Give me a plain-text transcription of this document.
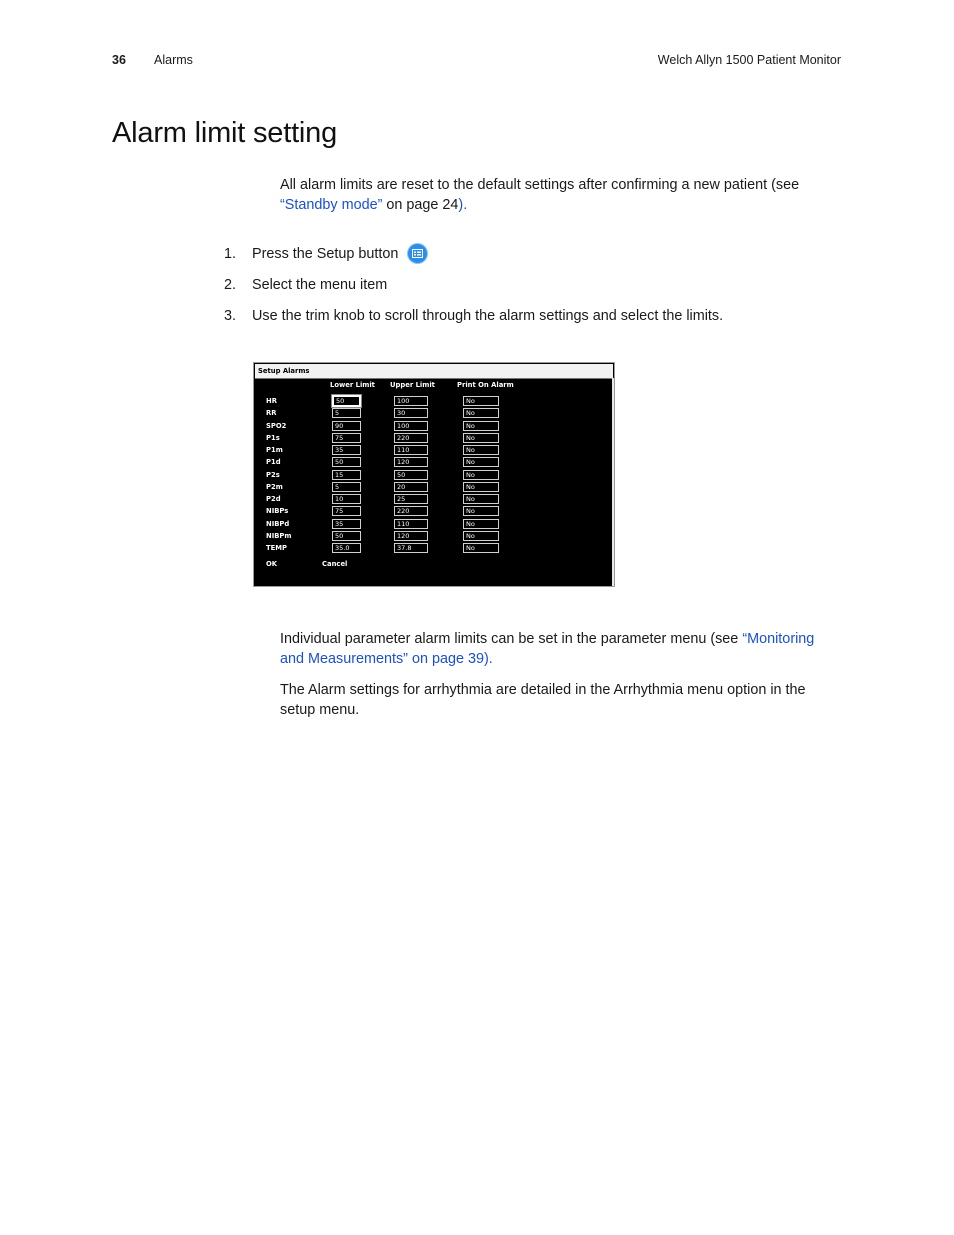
36 Alarms	Welch Allyn 1500 Patient Monitor
Alarm limit setting

All alarm limits are reset to the default settings after confirming a new patient (see “Standby mode” on page 24).

1. Press the Setup button
2. Select the menu item
3. Use the trim knob to scroll through the alarm settings and select the limits.
Setup Alarms
Lower Limit Upper Limit	Print On Alarm
HR	50	100	No
RR	5	30	No
SPO2	90	100	No
P1s	75	220	No
P1m	35	110	No
P1d	50	120	No
P2s	15	50	No
P2m	5	20	No
P2d	10	25	No
NIBPs	75	220	No
NIBPd	35	110	No
NIBPm	50	120	No
TEMP	35.0	37.8	No
OK	Cancel

Individual parameter alarm limits can be set in the parameter menu (see “Monitoring and Measurements” on page 39).

The Alarm settings for arrhythmia are detailed in the Arrhythmia menu option in the setup menu.
